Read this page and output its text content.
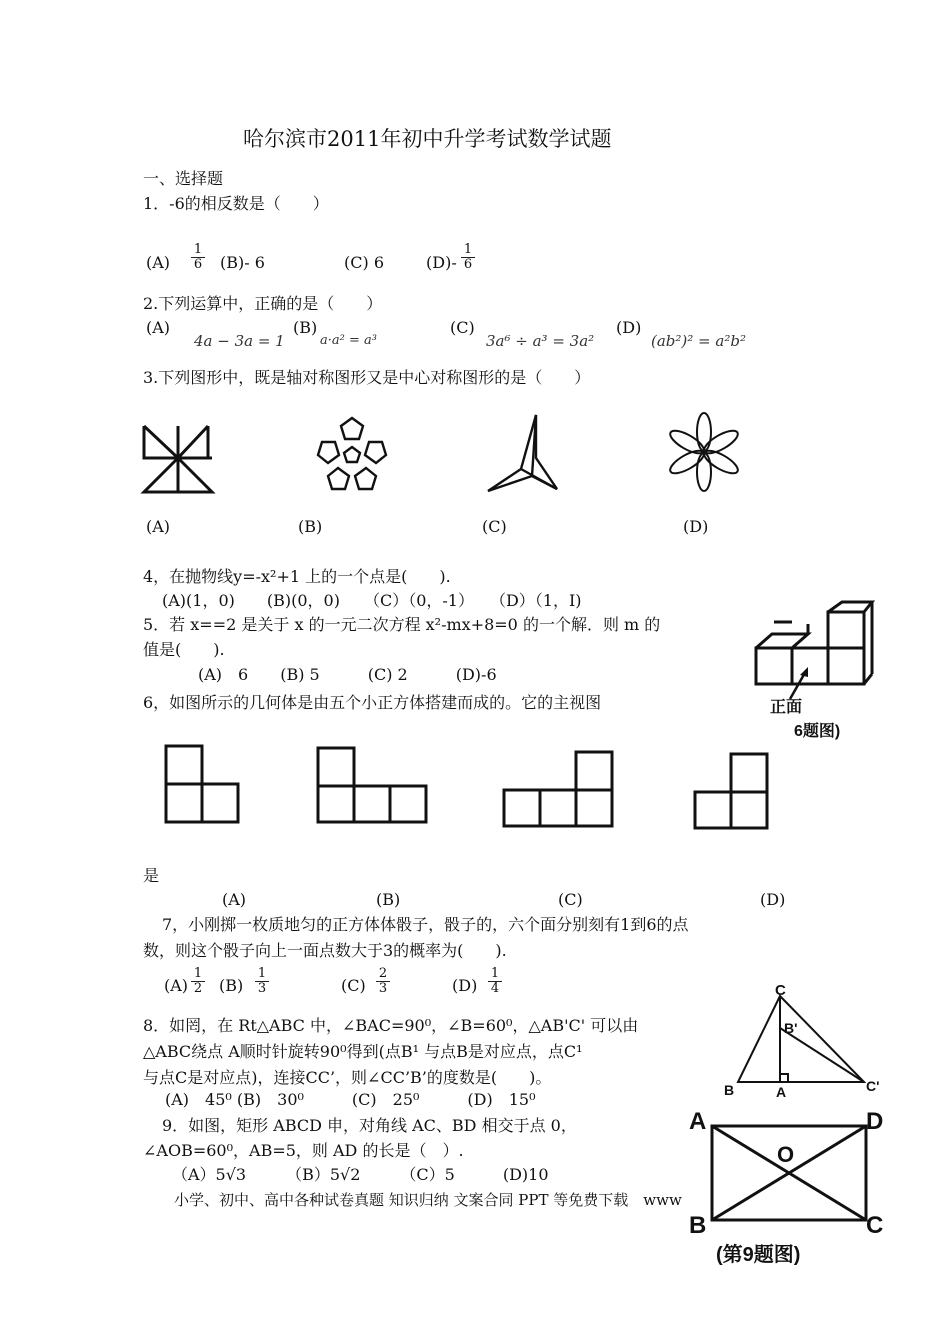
哈尔滨市2011年初中升学考试数学试题
一、选择题
1．-6的相反数是（　　）
$(A) \frac{1}{6} (B)-$ 6	(C) 6	$(D)- \frac{1}{6}$
2.下列运算中，正确的是（　　）
(A)
4a − 3a = 1
(B)
a·a² = a³
(C)
3a⁶ ÷ a³ = 3a²
(D)
(ab²)² = a²b²
3.下列图形中，既是轴对称图形又是中心对称图形的是（　　）
(A)	(B)	(C)	(D)
4，在抛物线y=-x²+1 上的一个点是(　　).
(A)(1，0)　　(B)(0，0)　　（C）（0，-1）　　（D）（1，I)
5．若 x==2 是关于 x 的一元二次方程 x²-mx+8=0 的一个解．则 m 的
值是(　　).
(A)　6　　(B) 5　　　(C) 2　　　(D)-6
正面
6题图)
6，如图所示的几何体是由五个小正方体搭建而成的。它的主视图
是
(A)	(B)	(C)	(D)
7，小刚掷一枚质地匀的正方体体骰子，骰子的，六个面分别刻有1到6的点
数，则这个骰子向上一面点数大于3的概率为(　　).
$(A) \frac{1}{2} (B) \frac{1}{3}$	$(C) \frac{2}{3}$	$(D) \frac{1}{4}$
8．如罔，在 Rt△ABC 中，∠BAC=90⁰，∠B=60⁰，△AB'C' 可以由
△ABC绕点 A顺时针旋转90⁰得到(点B¹ 与点B是对应点，点C¹
与点C是对应点)，连接CC’，则∠CC’B’的度数是(　　)。
(A)　45⁰ (B)　30⁰　　　(C)　25⁰　　　(D)　15⁰
C
B'
B	A	C'
9．如图，矩形 ABCD 申，对角线 AC、BD 相交于点 0，
∠AOB=60⁰，AB=5，则 AD 的长是（　）.
（A）5√3　　　（B）5√2　　　（C）5　　　(D)10
A	D
O
B	C
(第9题图)
小学、初中、高中各种试卷真题 知识归纳 文案合同 PPT 等免费下载　www
